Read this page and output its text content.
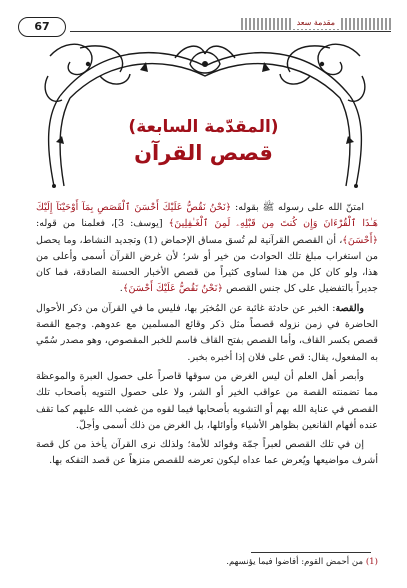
67	مقدمة سعد
(المقدّمة السابعة)
قصص القرآن

امتنّ الله على رسوله ﷺ بقوله: ﴿نَحْنُ نَقُصُّ عَلَيْكَ أَحْسَنَ ٱلْقَصَصِ بِمَآ أَوْحَيْنَآ إِلَيْكَ هَـٰذَا ٱلْقُرْءَانَ وَإِن كُنتَ مِن قَبْلِهِۦ لَمِنَ ٱلْغَـٰفِلِينَ﴾ [يوسف: 3]، فعلمنا من قوله: ﴿أَحْسَنَ﴾، أن القصص القرآنية لم تُسق مساق الإحماض (1) وتجديد النشاط، وما يحصل من استغراب مبلغ تلك الحوادث من خير أو شر؛ لأن غرض القرآن أسمى وأعلى من هذا، ولو كان كل من هذا لساوى كثيراً من قصص الأخبار الحسنة الصادقة، فما كان جديراً بالتفضيل على كل جنس القصص ﴿نَحْنُ نَقُصُّ عَلَيْكَ أَحْسَنَ﴾.

والقصة: الخبر عن حادثة غائبة عن المُخبَر بها، فليس ما في القرآن من ذكر الأحوال الحاضرة في زمن نزوله قصصاً مثل ذكر وقائع المسلمين مع عدوهم. وجمع القصة قصص بكسر القاف، وأما القصص بفتح القاف فاسم للخبر المقصوص، وهو مصدر سُمّي به المفعول، يقال: قص على فلان إذا أخبره بخبر.

وأبصر أهل العلم أن ليس الغرض من سوقها قاصراً على حصول العبرة والموعظة مما تضمنته القصة من عواقب الخير أو الشر، ولا على حصول التنويه بأصحاب تلك القصص في عناية الله بهم أو التشويه بأصحابها فيما لقوه من غضب الله عليهم كما تقف عنده أفهام القانعين بظواهر الأشياء وأوائلها، بل الغرض من ذلك أسمى وأجلّ.

إن في تلك القصص لعبراً جمّة وفوائد للأمة؛ ولذلك نرى القرآن يأخذ من كل قصة أشرف مواضيعها ويُعرض عما عداه ليكون تعرضه للقصص منزهاً عن قصد التفكه بها.

(1) من أحمض القوم: أفاضوا فيما يؤنسهم.
